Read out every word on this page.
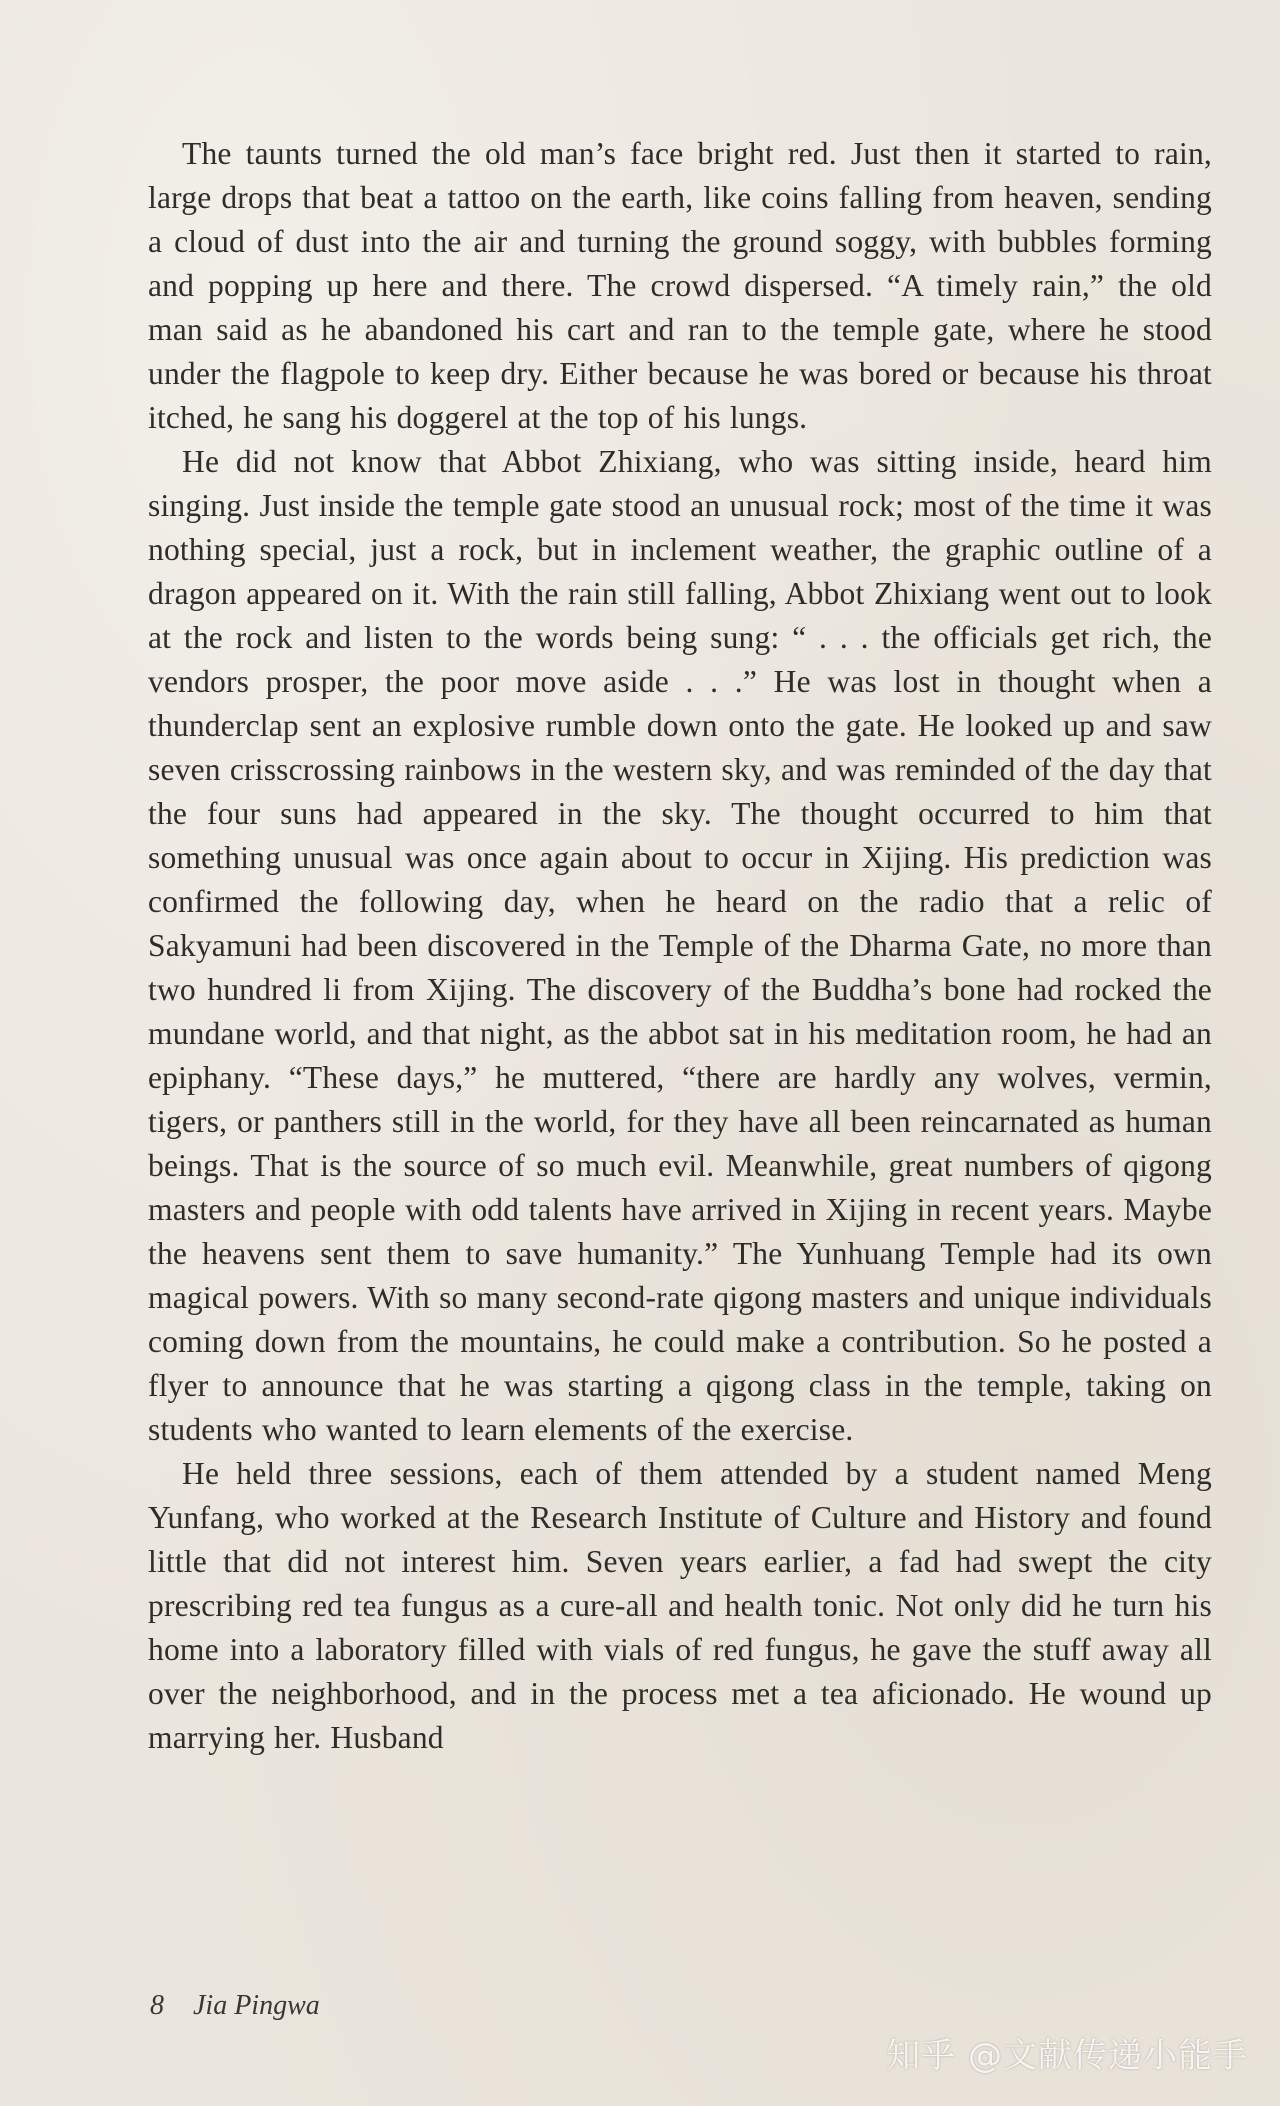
The taunts turned the old man’s face bright red. Just then it started to rain, large drops that beat a tattoo on the earth, like coins falling from heaven, sending a cloud of dust into the air and turning the ground soggy, with bubbles forming and popping up here and there. The crowd dispersed. “A timely rain,” the old man said as he abandoned his cart and ran to the temple gate, where he stood under the flagpole to keep dry. Either because he was bored or because his throat itched, he sang his doggerel at the top of his lungs.

He did not know that Abbot Zhixiang, who was sitting inside, heard him singing. Just inside the temple gate stood an unusual rock; most of the time it was nothing special, just a rock, but in inclement weather, the graphic outline of a dragon appeared on it. With the rain still falling, Abbot Zhixiang went out to look at the rock and listen to the words being sung: “ . . . the officials get rich, the vendors prosper, the poor move aside . . .” He was lost in thought when a thunderclap sent an explosive rumble down onto the gate. He looked up and saw seven crisscrossing rainbows in the western sky, and was reminded of the day that the four suns had appeared in the sky. The thought occurred to him that something unusual was once again about to occur in Xijing. His prediction was confirmed the following day, when he heard on the radio that a relic of Sakyamuni had been discovered in the Temple of the Dharma Gate, no more than two hundred li from Xijing. The discovery of the Buddha’s bone had rocked the mundane world, and that night, as the abbot sat in his meditation room, he had an epiphany. “These days,” he muttered, “there are hardly any wolves, vermin, tigers, or panthers still in the world, for they have all been reincarnated as human beings. That is the source of so much evil. Meanwhile, great numbers of qigong masters and people with odd talents have arrived in Xijing in recent years. Maybe the heavens sent them to save humanity.” The Yunhuang Temple had its own magical powers. With so many second-rate qigong masters and unique individuals coming down from the mountains, he could make a contribution. So he posted a flyer to announce that he was starting a qigong class in the temple, taking on students who wanted to learn elements of the exercise.

He held three sessions, each of them attended by a student named Meng Yunfang, who worked at the Research Institute of Culture and History and found little that did not interest him. Seven years earlier, a fad had swept the city prescribing red tea fungus as a cure-all and health tonic. Not only did he turn his home into a laboratory filled with vials of red fungus, he gave the stuff away all over the neighborhood, and in the process met a tea aficionado. He wound up marrying her. Husband

8 Jia Pingwa
知乎 @文献传递小能手
